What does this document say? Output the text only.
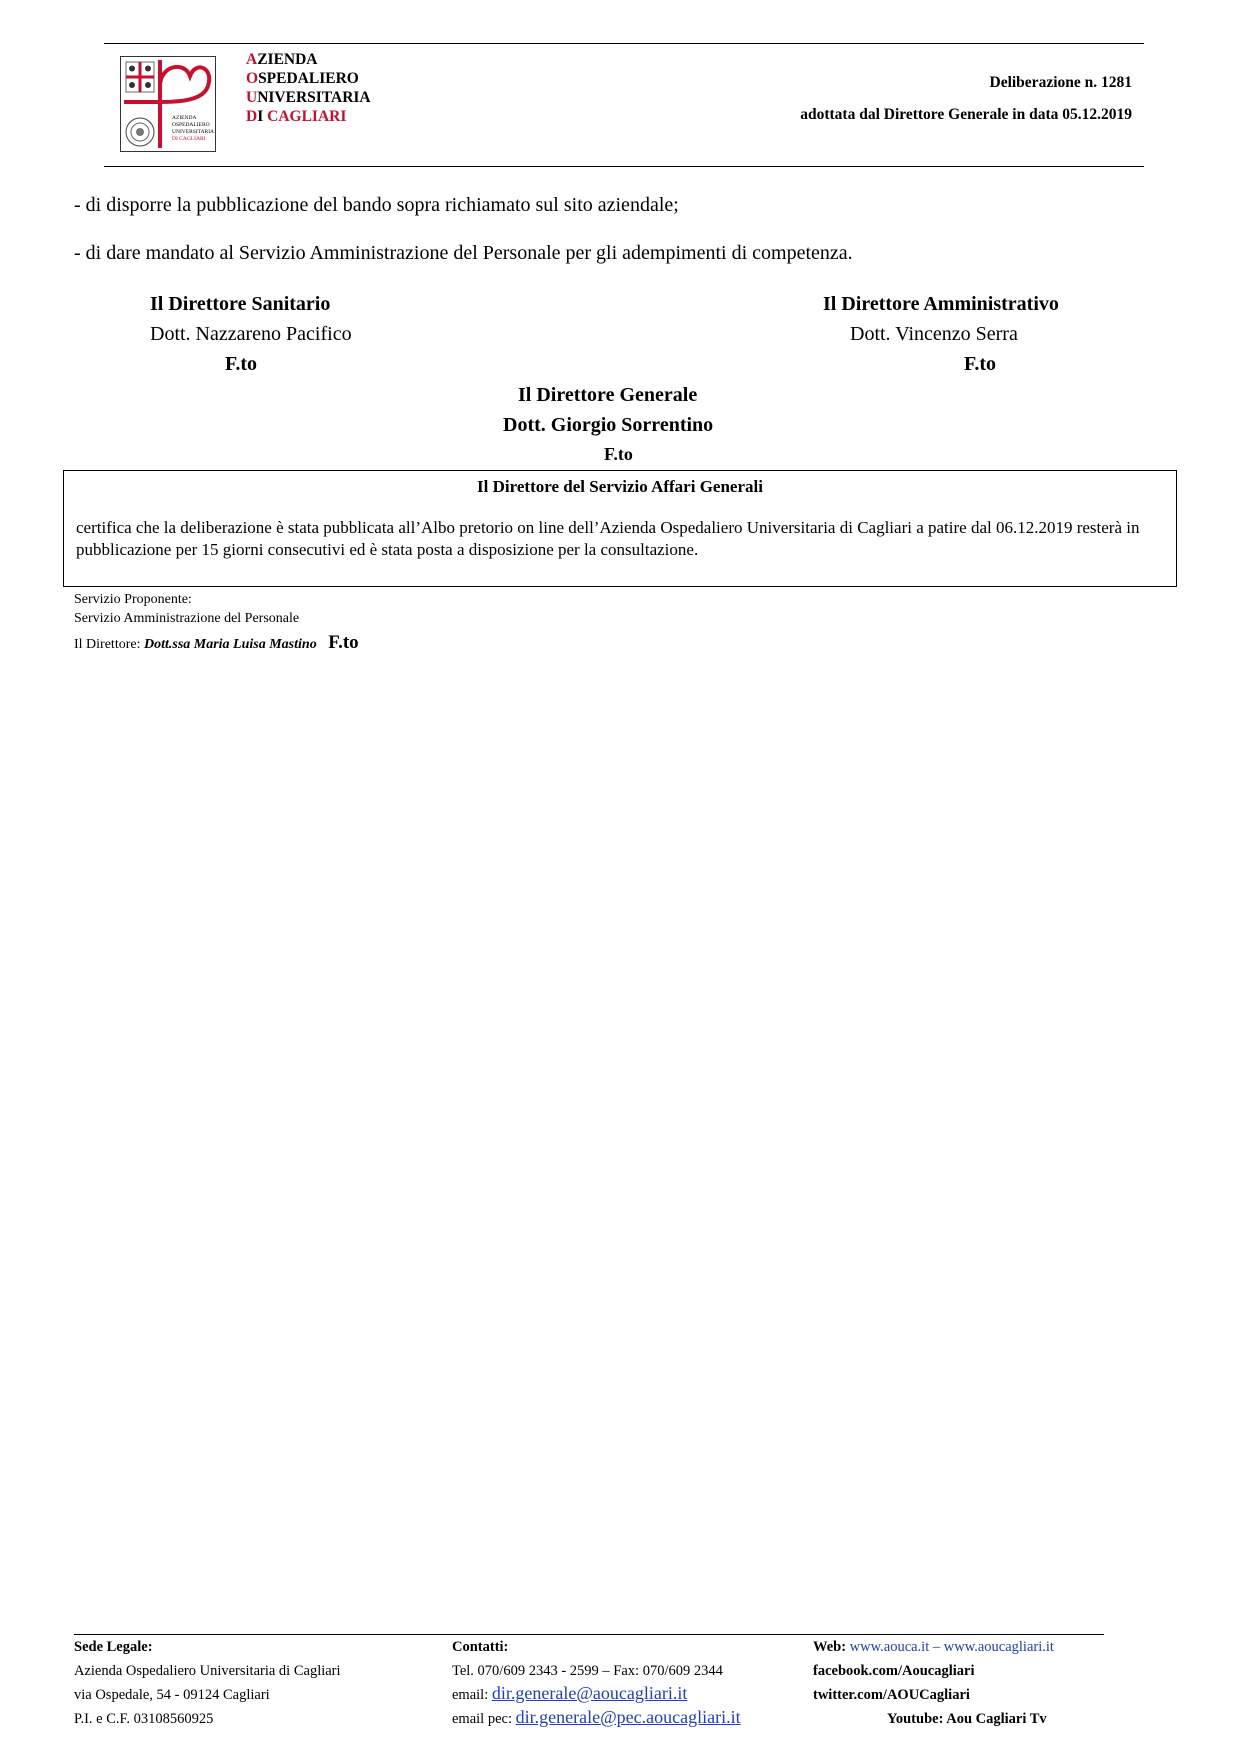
AZIENDA
OSPEDALIERO
UNIVERSITARIA
DI CAGLIARI
AZIENDA
OSPEDALIERO
UNIVERSITARIA
DI CAGLIARI
Deliberazione n. 1281
adottata dal Direttore Generale in data 05.12.2019
- di disporre la pubblicazione del bando sopra richiamato sul sito aziendale;
- di dare mandato al Servizio Amministrazione del Personale per gli adempimenti di competenza.
Il Direttore Sanitario
Dott. Nazzareno Pacifico
F.to
Il Direttore Amministrativo
Dott. Vincenzo Serra
F.to
Il Direttore Generale
Dott. Giorgio Sorrentino
F.to
Il Direttore del Servizio Affari Generali
certifica che la deliberazione è stata pubblicata all’Albo pretorio on line dell’Azienda Ospedaliero Universitaria di Cagliari a patire dal 06.12.2019 resterà in pubblicazione per 15 giorni consecutivi ed è stata posta a disposizione per la consultazione.
Servizio Proponente:
Servizio Amministrazione del Personale
Il Direttore: Dott.ssa Maria Luisa Mastino F.to
Sede Legale:
Azienda Ospedaliero Universitaria di Cagliari
via Ospedale, 54 - 09124 Cagliari
P.I. e C.F. 03108560925
Contatti:
Tel. 070/609 2343 - 2599 – Fax: 070/609 2344
email: dir.generale@aoucagliari.it
email pec: dir.generale@pec.aoucagliari.it
Web: www.aouca.it – www.aoucagliari.it
facebook.com/Aoucagliari
twitter.com/AOUCagliari
Youtube: Aou Cagliari Tv
